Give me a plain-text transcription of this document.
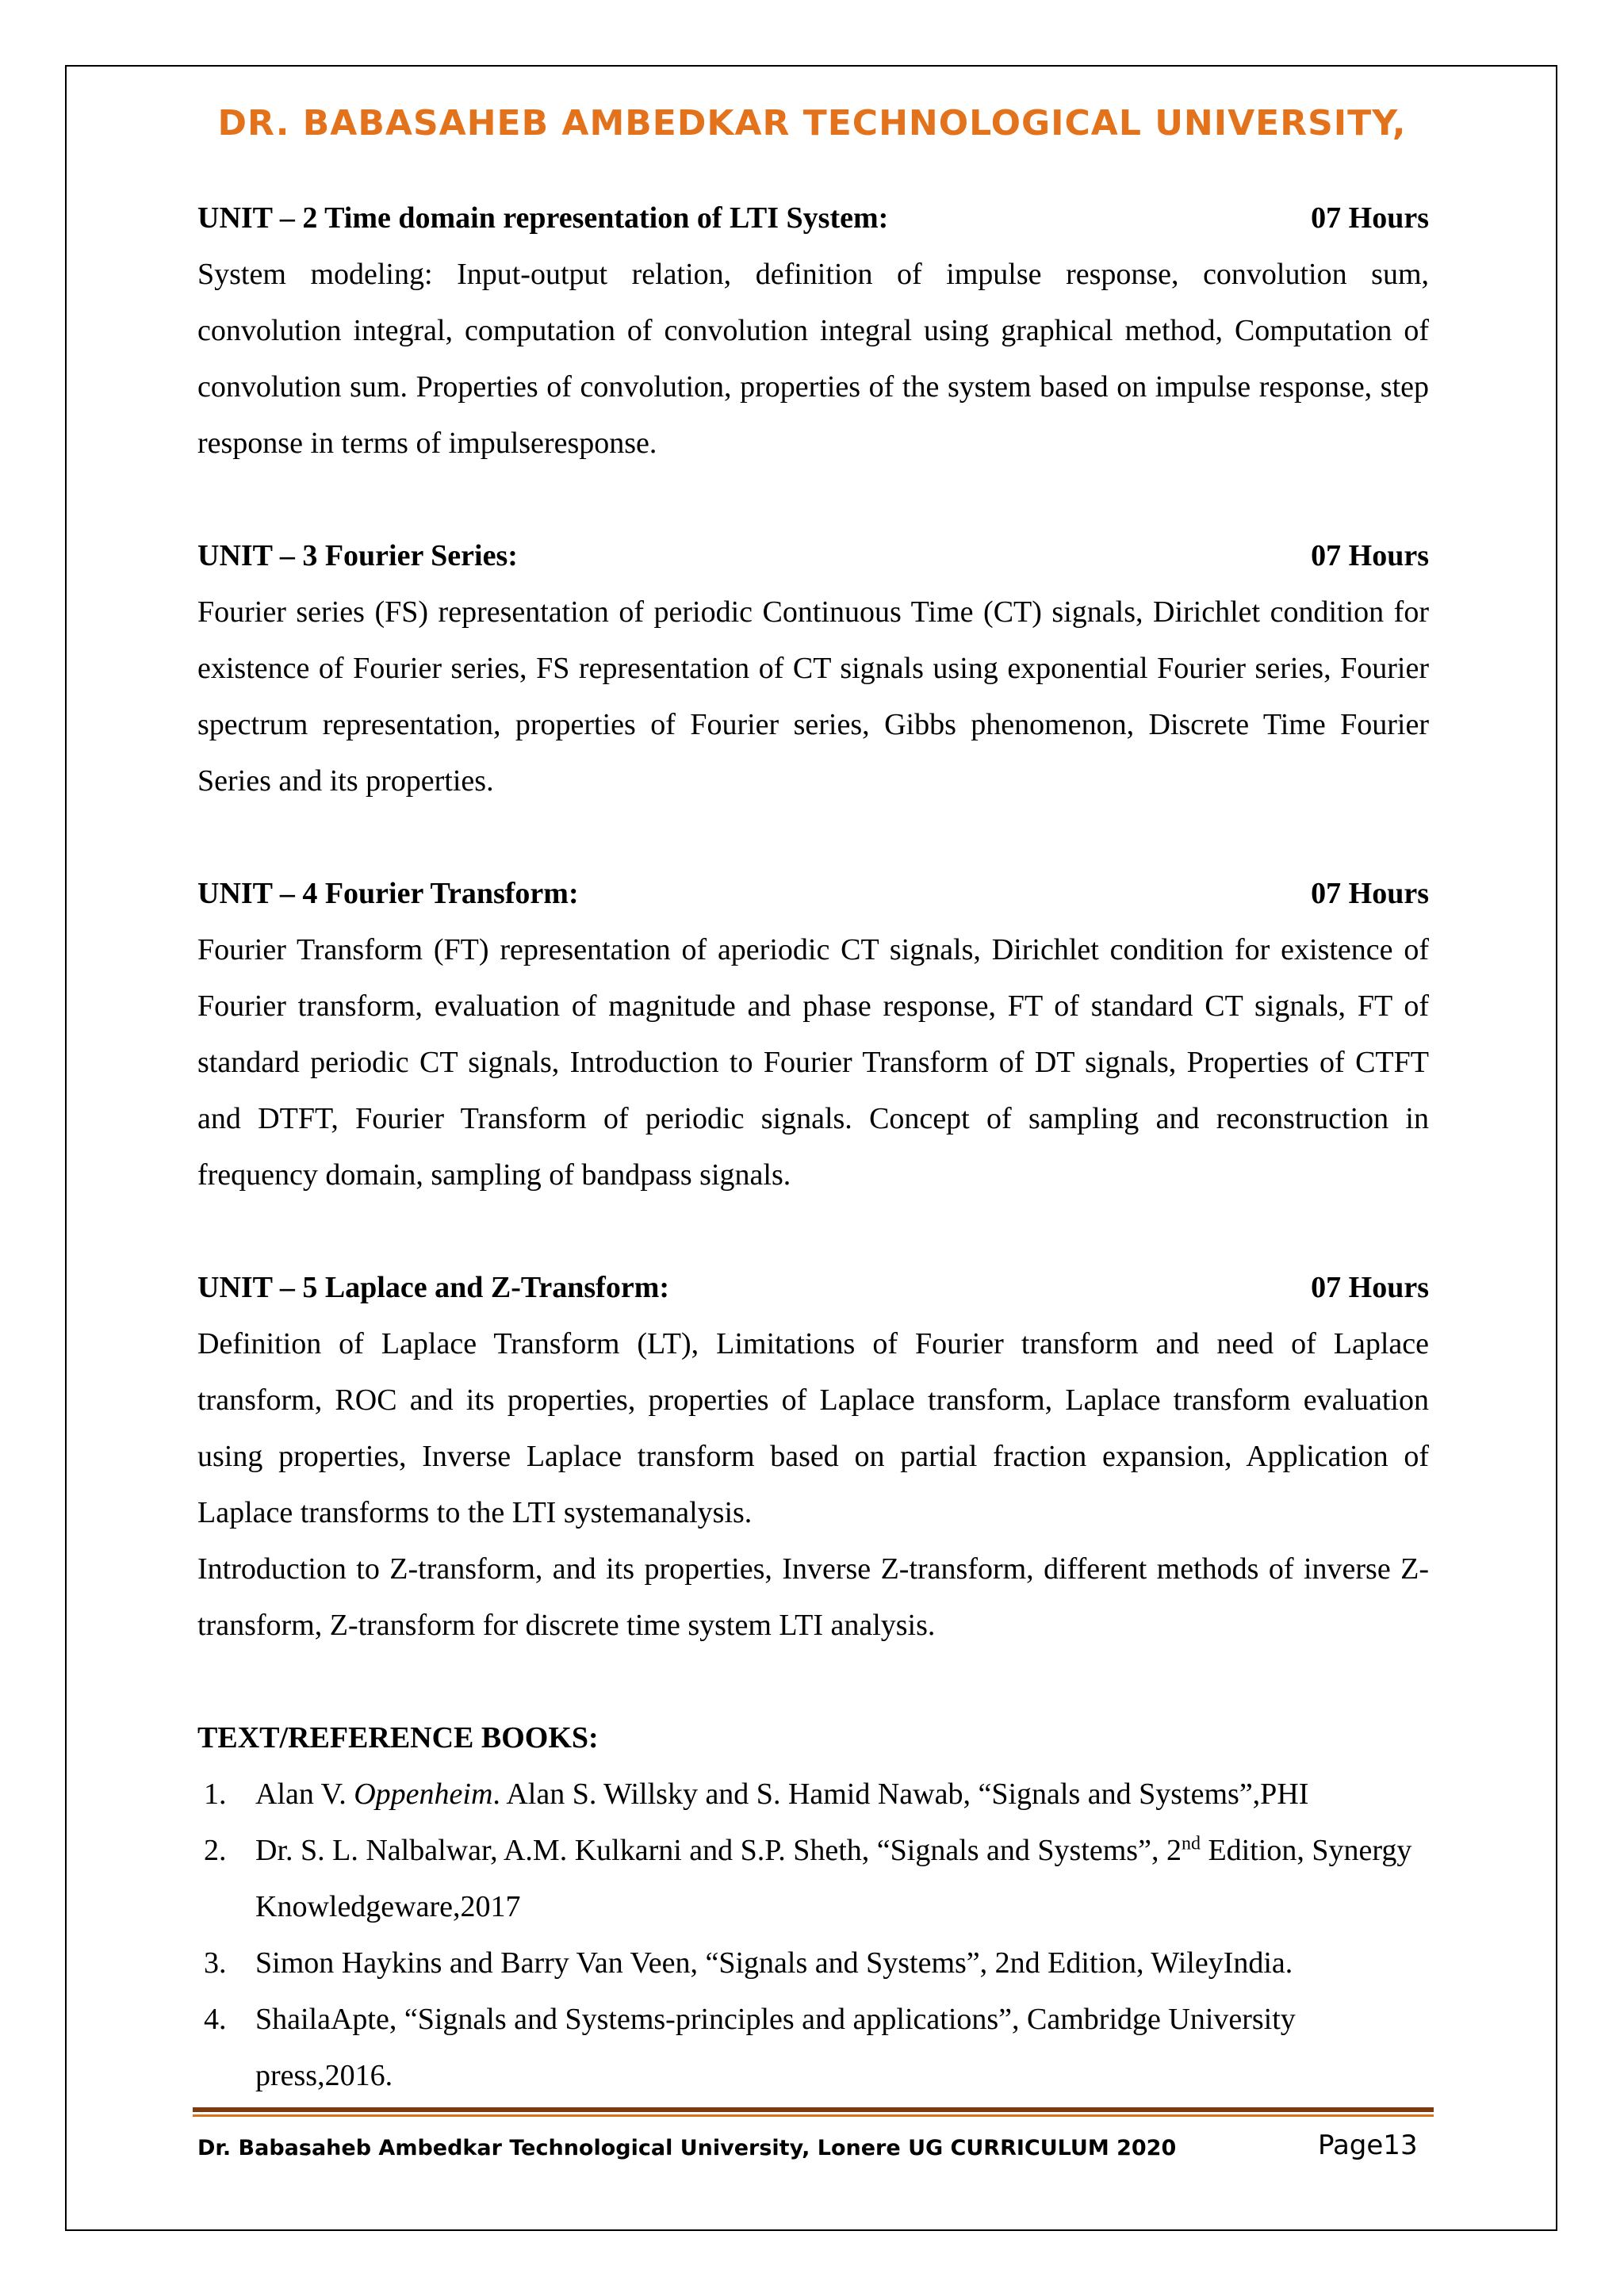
DR. BABASAHEB AMBEDKAR TECHNOLOGICAL UNIVERSITY,
UNIT – 2 Time domain representation of LTI System:	07 Hours

System modeling: Input-output relation, definition of impulse response, convolution sum, convolution integral, computation of convolution integral using graphical method, Computation of convolution sum. Properties of convolution, properties of the system based on impulse response, step response in terms of impulseresponse.

UNIT – 3 Fourier Series:	07 Hours

Fourier series (FS) representation of periodic Continuous Time (CT) signals, Dirichlet condition for existence of Fourier series, FS representation of CT signals using exponential Fourier series, Fourier spectrum representation, properties of Fourier series, Gibbs phenomenon, Discrete Time Fourier Series and its properties.

UNIT – 4 Fourier Transform:	07 Hours

Fourier Transform (FT) representation of aperiodic CT signals, Dirichlet condition for existence of Fourier transform, evaluation of magnitude and phase response, FT of standard CT signals, FT of standard periodic CT signals, Introduction to Fourier Transform of DT signals, Properties of CTFT and DTFT, Fourier Transform of periodic signals. Concept of sampling and reconstruction in frequency domain, sampling of bandpass signals.

UNIT – 5 Laplace and Z-Transform:	07 Hours

Definition of Laplace Transform (LT), Limitations of Fourier transform and need of Laplace transform, ROC and its properties, properties of Laplace transform, Laplace transform evaluation using properties, Inverse Laplace transform based on partial fraction expansion, Application of Laplace transforms to the LTI systemanalysis.

Introduction to Z-transform, and its properties, Inverse Z-transform, different methods of inverse Z-transform, Z-transform for discrete time system LTI analysis.

TEXT/REFERENCE BOOKS:
1. Alan V. Oppenheim. Alan S. Willsky and S. Hamid Nawab, “Signals and Systems”,PHI
2. Dr. S. L. Nalbalwar, A.M. Kulkarni and S.P. Sheth, “Signals and Systems”, 2nd Edition, Synergy Knowledgeware,2017
3. Simon Haykins and Barry Van Veen, “Signals and Systems”, 2nd Edition, WileyIndia.
4. ShailaApte, “Signals and Systems-principles and applications”, Cambridge University press,2016.
Dr. Babasaheb Ambedkar Technological University, Lonere UG CURRICULUM 2020	Page13
